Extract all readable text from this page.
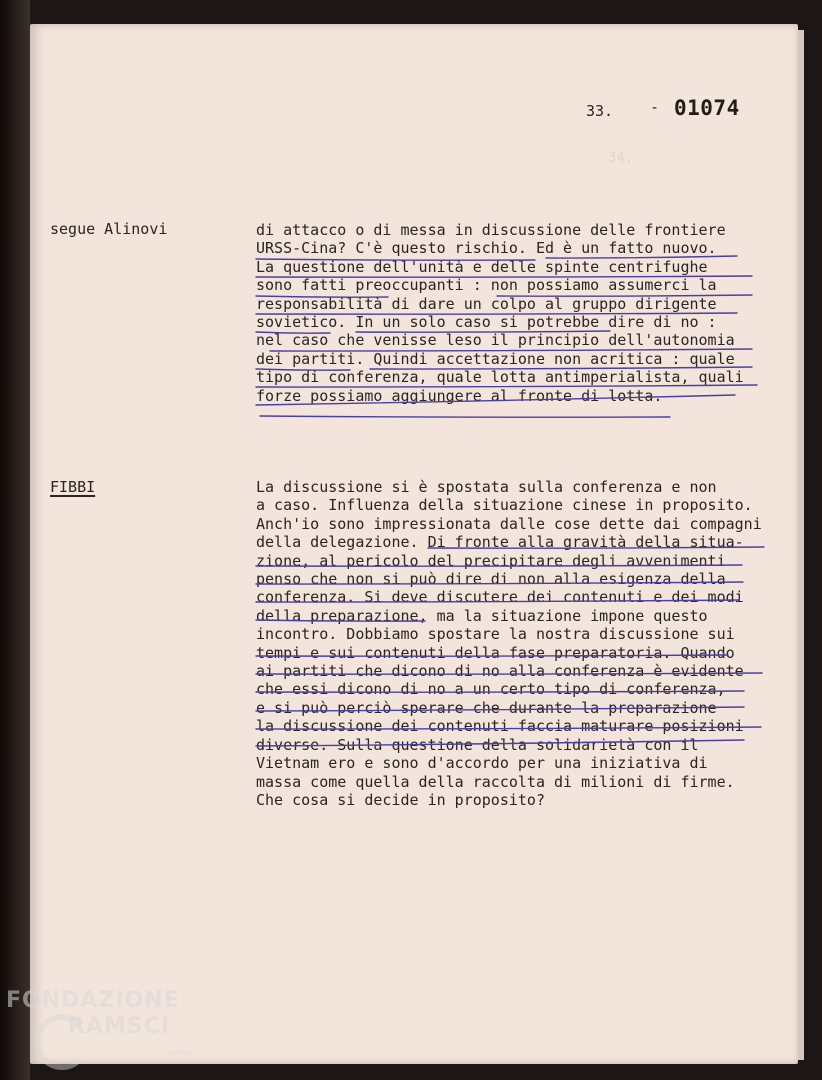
34.
33. - 01074
segue Alinovi	di attacco o di messa in discussione delle frontiere
URSS-Cina? C'è questo rischio. Ed è un fatto nuovo.
La questione dell'unità e delle spinte centrifughe
sono fatti preoccupanti : non possiamo assumerci la
responsabilità di dare un colpo al gruppo dirigente
sovietico. In un solo caso si potrebbe dire di no :
nel caso che venisse leso il principio dell'autonomia
dei partiti. Quindi accettazione non acritica : quale
tipo di conferenza, quale lotta antimperialista, quali
forze possiamo aggiungere al fronte di lotta.
FIBBI	La discussione si è spostata sulla conferenza e non
a caso. Influenza della situazione cinese in proposito.
Anch'io sono impressionata dalle cose dette dai compagni
della delegazione. Di fronte alla gravità della situa-
zione, al pericolo del precipitare degli avvenimenti
penso che non si può dire di non alla esigenza della
conferenza. Si deve discutere dei contenuti e dei modi
della preparazione, ma la situazione impone questo
incontro. Dobbiamo spostare la nostra discussione sui
tempi e sui contenuti della fase preparatoria. Quando
ai partiti che dicono di no alla conferenza è evidente
che essi dicono di no a un certo tipo di conferenza,
e si può perciò sperare che durante la preparazione
la discussione dei contenuti faccia maturare posizioni
diverse. Sulla questione della solidarietà con il
Vietnam ero e sono d'accordo per una iniziativa di
massa come quella della raccolta di milioni di firme.
Che cosa si decide in proposito?
FONDAZIONE
RAMSCI
onlus
